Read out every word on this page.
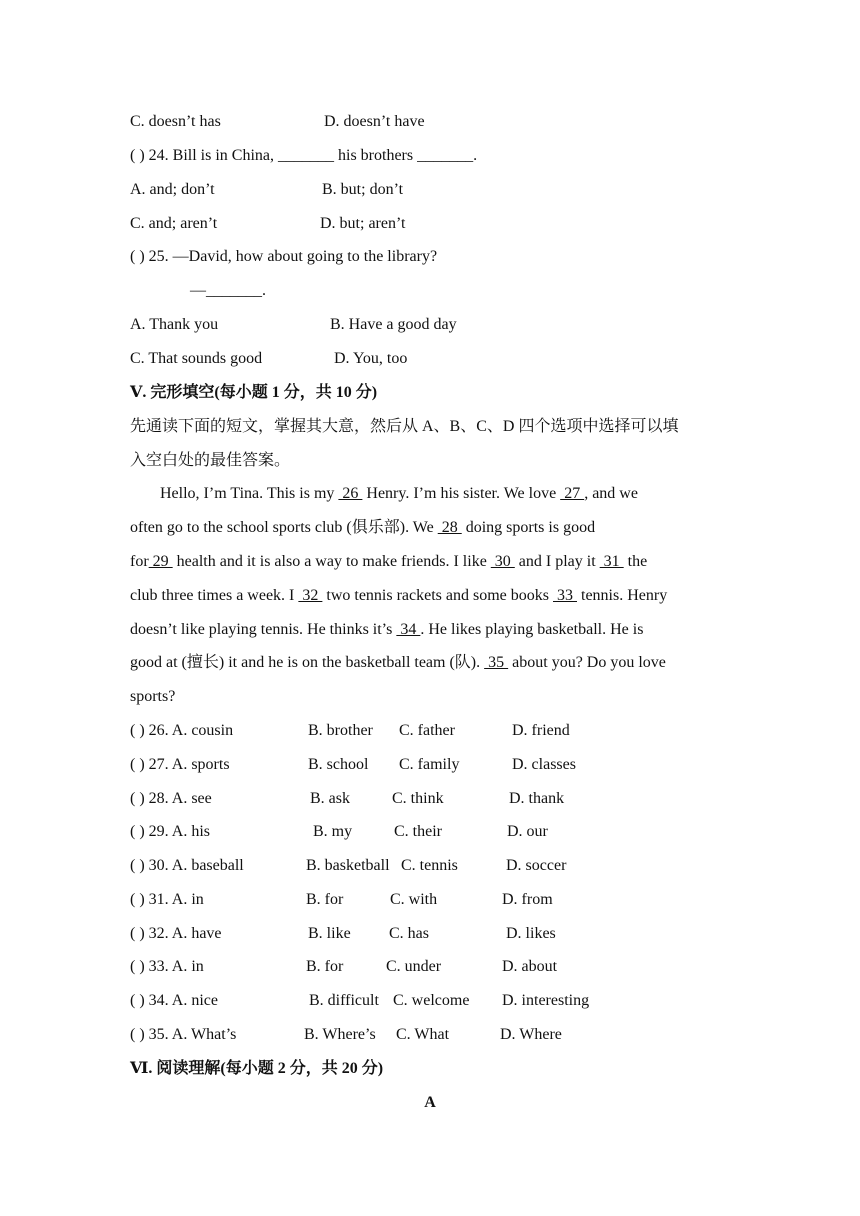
C. doesn’t has	D. doesn’t have
( ) 24. Bill is in China, _______ his brothers _______.
A. and; don’t	B. but; don’t
C. and; aren’t	D. but; aren’t
( ) 25. —David, how about going to the library?
—_______.
A. Thank you	B. Have a good day
C. That sounds good	D. You, too
Ⅴ. 完形填空(每小题 1 分，共 10 分)
先通读下面的短文，掌握其大意，然后从 A、B、C、D 四个选项中选择可以填
入空白处的最佳答案。
Hello, I’m Tina. This is my  26  Henry. I’m his sister. We love  27 , and we
often go to the school sports club (俱乐部). We  28  doing sports is good
for 29  health and it is also a way to make friends. I like  30  and I play it  31  the
club three times a week. I  32  two tennis rackets and some books  33  tennis. Henry
doesn’t like playing tennis. He thinks it’s  34 . He likes playing basketball. He is
good at (擅长) it and he is on the basketball team (队).  35  about you? Do you love
sports?
( ) 26. A. cousin	B. brother C. father	D. friend
( ) 27. A. sports	B. school C. family	D. classes
( ) 28. A. see	B. ask	C. think	D. thank
( ) 29. A. his	B. my	C. their	D. our
( ) 30. A. baseball	B. basketball C. tennis	D. soccer
( ) 31. A. in	B. for	C. with	D. from
( ) 32. A. have	B. like C. has	D. likes
( ) 33. A. in	B. for	C. under	D. about
( ) 34. A. nice	B. difficult C. welcome D. interesting
( ) 35. A. What’s	B. Where’s C. What	D. Where
Ⅵ. 阅读理解(每小题 2 分，共 20 分)
A
